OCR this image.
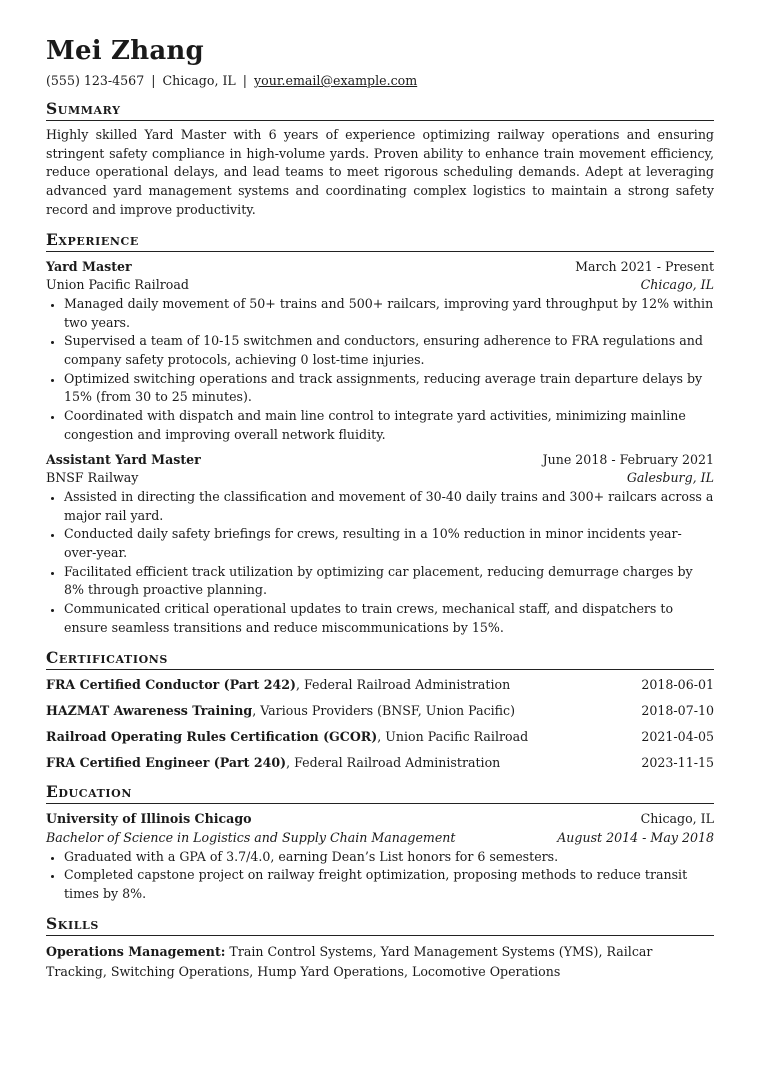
Mei Zhang
(555) 123-4567 | Chicago, IL | your.email@example.com
Summary
Highly skilled Yard Master with 6 years of experience optimizing railway operations and ensuring stringent safety compliance in high-volume yards. Proven ability to enhance train movement efficiency, reduce operational delays, and lead teams to meet rigorous scheduling demands. Adept at leveraging advanced yard management systems and coordinating complex logistics to maintain a strong safety record and improve productivity.
Experience
Yard Master	March 2021 - Present
Union Pacific Railroad	Chicago, IL
• Managed daily movement of 50+ trains and 500+ railcars, improving yard throughput by 12% within two years.
• Supervised a team of 10-15 switchmen and conductors, ensuring adherence to FRA regulations and company safety protocols, achieving 0 lost-time injuries.
• Optimized switching operations and track assignments, reducing average train departure delays by 15% (from 30 to 25 minutes).
• Coordinated with dispatch and main line control to integrate yard activities, minimizing mainline congestion and improving overall network fluidity.
Assistant Yard Master	June 2018 - February 2021
BNSF Railway	Galesburg, IL
• Assisted in directing the classification and movement of 30-40 daily trains and 300+ railcars across a major rail yard.
• Conducted daily safety briefings for crews, resulting in a 10% reduction in minor incidents year-over-year.
• Facilitated efficient track utilization by optimizing car placement, reducing demurrage charges by 8% through proactive planning.
• Communicated critical operational updates to train crews, mechanical staff, and dispatchers to ensure seamless transitions and reduce miscommunications by 15%.
Certifications
FRA Certified Conductor (Part 242), Federal Railroad Administration	2018-06-01
HAZMAT Awareness Training, Various Providers (BNSF, Union Pacific)	2018-07-10
Railroad Operating Rules Certification (GCOR), Union Pacific Railroad	2021-04-05
FRA Certified Engineer (Part 240), Federal Railroad Administration	2023-11-15
Education
University of Illinois Chicago	Chicago, IL
Bachelor of Science in Logistics and Supply Chain Management	August 2014 - May 2018
• Graduated with a GPA of 3.7/4.0, earning Dean’s List honors for 6 semesters.
• Completed capstone project on railway freight optimization, proposing methods to reduce transit times by 8%.
Skills
Operations Management: Train Control Systems, Yard Management Systems (YMS), Railcar Tracking, Switching Operations, Hump Yard Operations, Locomotive Operations
